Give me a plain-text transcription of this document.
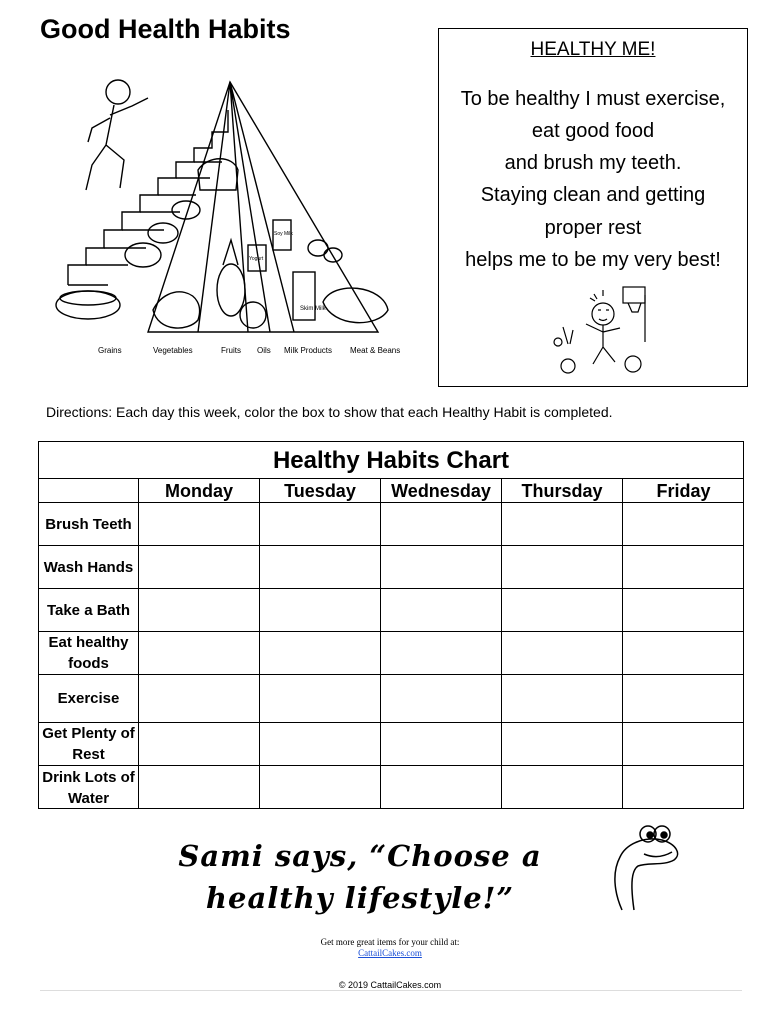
Good Health Habits
Skim Milk
Soy Milk
Yogurt
Grains	Vegetables	Fruits Oils Milk Products Meat & Beans
HEALTHY ME!
To be healthy I must exercise,
eat good food
and brush my teeth.
Staying clean and getting
proper rest
helps me to be my very best!
Directions: Each day this week, color the box to show that each Healthy Habit is completed.
Healthy Habits Chart
Monday	Tuesday	Wednesday	Thursday	Friday
Brush Teeth
Wash Hands
Take a Bath
Eat healthy foods
Exercise
Get Plenty of Rest
Drink Lots of Water
Sami says, “Choose a
healthy lifestyle!”
Get more great items for your child at:
CattailCakes.com
© 2019 CattailCakes.com
